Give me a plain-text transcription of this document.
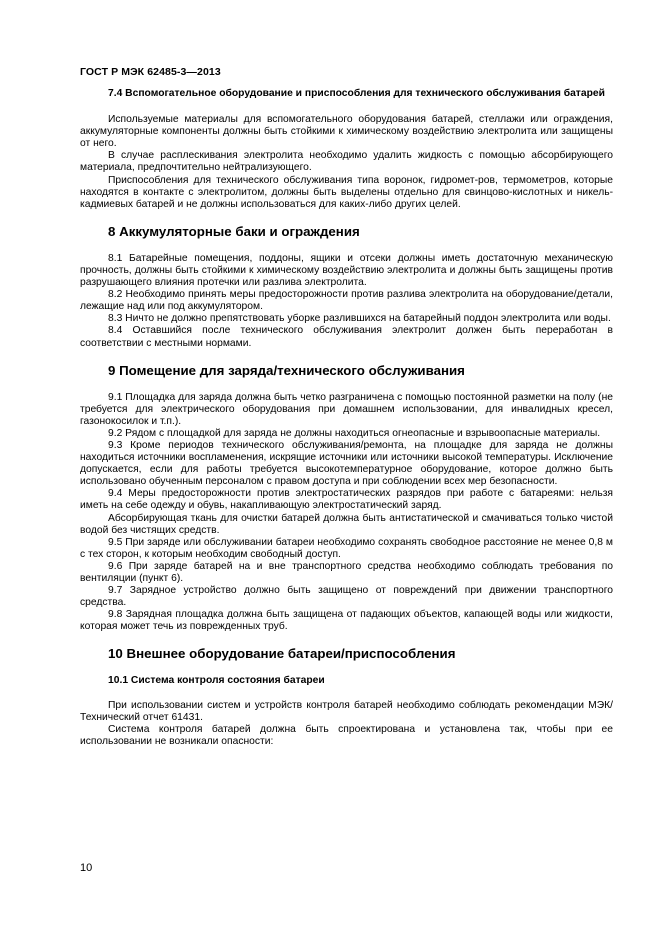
ГОСТ Р МЭК 62485-3—2013
7.4 Вспомогательное оборудование и приспособления для технического обслуживания батарей

Используемые материалы для вспомогательного оборудования батарей, стеллажи или ограждения, аккумуляторные компоненты должны быть стойкими к химическому воздействию электролита или защищены от него.

В случае расплескивания электролита необходимо удалить жидкость с помощью абсорбирующего материала, предпочтительно нейтрализующего.

Приспособления для технического обслуживания типа воронок, гидромет-ров, термометров, которые находятся в контакте с электролитом, должны быть выделены отдельно для свинцово-кислотных и никель-кадмиевых батарей и не должны использоваться для каких-либо других целей.

8 Аккумуляторные баки и ограждения

8.1 Батарейные помещения, поддоны, ящики и отсеки должны иметь достаточную механическую прочность, должны быть стойкими к химическому воздействию электролита и должны быть защищены против разрушающего влияния протечки или разлива электролита.

8.2 Необходимо принять меры предосторожности против разлива электролита на оборудование/детали, лежащие над или под аккумулятором.

8.3 Ничто не должно препятствовать уборке разлившихся на батарейный поддон электролита или воды.

8.4 Оставшийся после технического обслуживания электролит должен быть переработан в соответствии с местными нормами.

9 Помещение для заряда/технического обслуживания

9.1 Площадка для заряда должна быть четко разграничена с помощью постоянной разметки на полу (не требуется для электрического оборудования при домашнем использовании, для инвалидных кресел, газонокосилок и т.п.).

9.2 Рядом с площадкой для заряда не должны находиться огнеопасные и взрывоопасные материалы.

9.3 Кроме периодов технического обслуживания/ремонта, на площадке для заряда не должны находиться источники воспламенения, искрящие источники или источники высокой температуры. Исключение допускается, если для работы требуется высокотемпературное оборудование, которое должно быть использовано обученным персоналом с правом доступа и при соблюдении всех мер безопасности.

9.4 Меры предосторожности против электростатических разрядов при работе с батареями: нельзя иметь на себе одежду и обувь, накапливающую электростатический заряд.

Абсорбирующая ткань для очистки батарей должна быть антистатической и смачиваться только чистой водой без чистящих средств.

9.5 При заряде или обслуживании батареи необходимо сохранять свободное расстояние не менее 0,8 м с тех сторон, к которым необходим свободный доступ.

9.6 При заряде батарей на и вне транспортного средства необходимо соблюдать требования по вентиляции (пункт 6).

9.7 Зарядное устройство должно быть защищено от повреждений при движении транспортного средства.

9.8 Зарядная площадка должна быть защищена от падающих объектов, капающей воды или жидкости, которая может течь из поврежденных труб.

10 Внешнее оборудование батареи/приспособления
10.1 Система контроля состояния батареи

При использовании систем и устройств контроля батарей необходимо соблюдать рекомендации МЭК/Технический отчет 61431.

Система контроля батарей должна быть спроектирована и установлена так, чтобы при ее использовании не возникали опасности:

10
